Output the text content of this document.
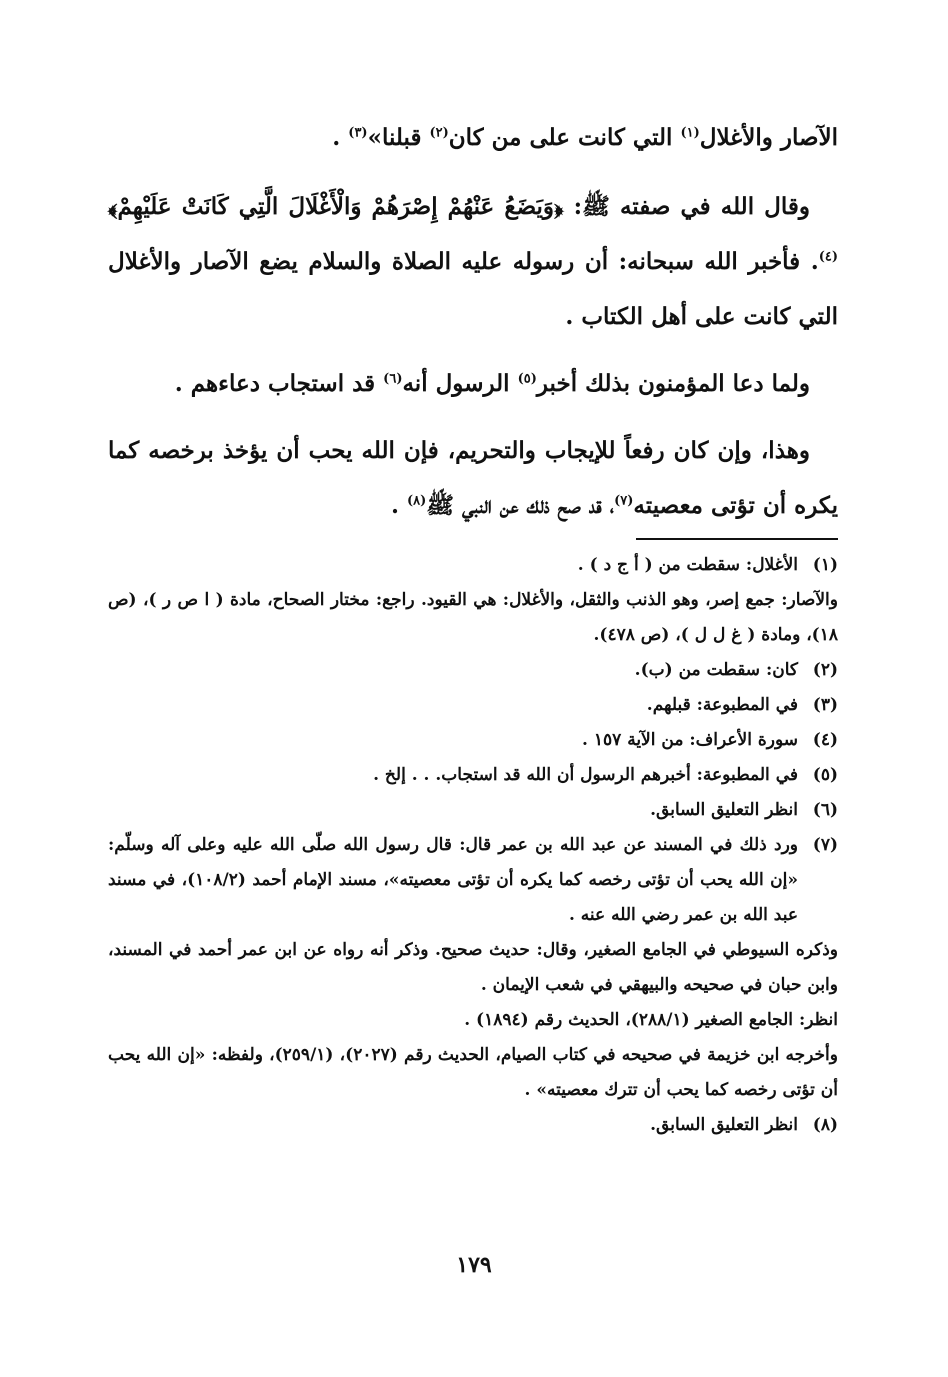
الآصار والأغلال$^{(١)}$ التي كانت على من كان$^{(٢)}$ قبلنا»$^{(٣)}$ .

وقال الله في صفته ﷺ: ﴿وَيَضَعُ عَنْهُمْ إِصْرَهُمْ وَالْأَغْلَالَ الَّتِي كَانَتْ عَلَيْهِمْ﴾$^{(٤)}$. فأخبر الله سبحانه: أن رسوله عليه الصلاة والسلام يضع الآصار والأغلال التي كانت على أهل الكتاب .

ولما دعا المؤمنون بذلك أخبر$^{(٥)}$ الرسول أنه$^{(٦)}$ قد استجاب دعاءهم .

وهذا، وإن كان رفعاً للإيجاب والتحريم، فإن الله يحب أن يؤخذ برخصه كما يكره أن تؤتى معصيته$^{(٧)}$، قد صح ذلك عن النبي ﷺ$^{(٨)}$ .

(١)
الأغلال: سقطت من ( أ ج د ) .
والآصار: جمع إصر، وهو الذنب والثقل، والأغلال: هي القيود. راجع: مختار الصحاح، مادة ( ا ص ر )، (ص ١٨)، ومادة ( غ ل ل )، (ص ٤٧٨).
(٢)
كان: سقطت من (ب).
(٣)
في المطبوعة: قبلهم.
(٤)
سورة الأعراف: من الآية ١٥٧ .
(٥)
في المطبوعة: أخبرهم الرسول أن الله قد استجاب. . . إلخ .
(٦)
انظر التعليق السابق.
(٧)
ورد ذلك في المسند عن عبد الله بن عمر قال: قال رسول الله صلّى الله عليه وعلى آله وسلّم: «إن الله يحب أن تؤتى رخصه كما يكره أن تؤتى معصيته»، مسند الإمام أحمد (١٠٨/٢)، في مسند عبد الله بن عمر رضي الله عنه .
وذكره السيوطي في الجامع الصغير، وقال: حديث صحيح. وذكر أنه رواه عن ابن عمر أحمد في المسند، وابن حبان في صحيحه والبيهقي في شعب الإيمان .
انظر: الجامع الصغير (٢٨٨/١)، الحديث رقم (١٨٩٤) .
وأخرجه ابن خزيمة في صحيحه في كتاب الصيام، الحديث رقم (٢٠٢٧)، (٢٥٩/١)، ولفظه: «إن الله يحب أن تؤتى رخصه كما يحب أن تترك معصيته» .
(٨)
انظر التعليق السابق.
١٧٩
